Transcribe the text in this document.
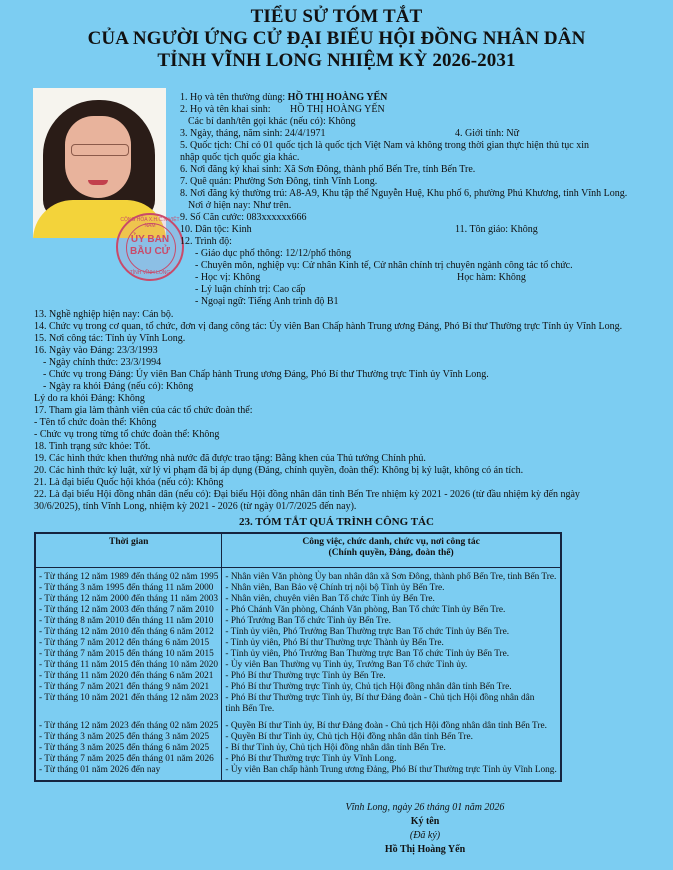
TIỂU SỬ TÓM TẮT
CỦA NGƯỜI ỨNG CỬ ĐẠI BIỂU HỘI ĐỒNG NHÂN DÂN
TỈNH VĨNH LONG NHIỆM KỲ 2026-2031
CỘNG HÒA X.H.C.N VIỆT NAM
ỦY BAN
BẦU CỬ
TỈNH VĨNH LONG
1. Họ và tên thường dùng: HỒ THỊ HOÀNG YẾN
2. Họ và tên khai sinh: HỒ THỊ HOÀNG YẾN
Các bí danh/tên gọi khác (nếu có): Không
3. Ngày, tháng, năm sinh: 24/4/1971	4. Giới tính: Nữ
5. Quốc tịch: Chỉ có 01 quốc tịch là quốc tịch Việt Nam và không trong thời gian thực hiện thủ tục xin
nhập quốc tịch quốc gia khác.
6. Nơi đăng ký khai sinh: Xã Sơn Đông, thành phố Bến Tre, tỉnh Bến Tre.
7. Quê quán: Phường Sơn Đông, tỉnh Vĩnh Long.
8. Nơi đăng ký thường trú: A8-A9, Khu tập thể Nguyễn Huệ, Khu phố 6, phường Phú Khương, tỉnh Vĩnh Long.
Nơi ở hiện nay: Như trên.
9. Số Căn cước: 083xxxxxx666
10. Dân tộc: Kinh	11. Tôn giáo: Không
12. Trình độ:
- Giáo dục phổ thông: 12/12/phổ thông
- Chuyên môn, nghiệp vụ: Cử nhân Kinh tế, Cử nhân chính trị chuyên ngành công tác tổ chức.
- Học vị: Không	Học hàm: Không
- Lý luận chính trị: Cao cấp
- Ngoại ngữ: Tiếng Anh trình độ B1
13. Nghề nghiệp hiện nay: Cán bộ.
14. Chức vụ trong cơ quan, tổ chức, đơn vị đang công tác: Ủy viên Ban Chấp hành Trung ương Đảng, Phó Bí thư Thường trực Tỉnh ủy Vĩnh Long.
15. Nơi công tác: Tỉnh ủy Vĩnh Long.
16. Ngày vào Đảng: 23/3/1993
- Ngày chính thức: 23/3/1994
- Chức vụ trong Đảng: Ủy viên Ban Chấp hành Trung ương Đảng, Phó Bí thư Thường trực Tỉnh ủy Vĩnh Long.
- Ngày ra khỏi Đảng (nếu có): Không
Lý do ra khỏi Đảng: Không
17. Tham gia làm thành viên của các tổ chức đoàn thể:
- Tên tổ chức đoàn thể: Không
- Chức vụ trong từng tổ chức đoàn thể: Không
18. Tình trạng sức khỏe: Tốt.
19. Các hình thức khen thưởng nhà nước đã được trao tặng: Bằng khen của Thủ tướng Chính phủ.
20. Các hình thức kỷ luật, xử lý vi phạm đã bị áp dụng (Đảng, chính quyền, đoàn thể): Không bị kỷ luật, không có án tích.
21. Là đại biểu Quốc hội khóa (nếu có): Không
22. Là đại biểu Hội đồng nhân dân (nếu có): Đại biểu Hội đồng nhân dân tỉnh Bến Tre nhiệm kỳ 2021 - 2026 (từ đầu nhiệm kỳ đến ngày
30/6/2025), tỉnh Vĩnh Long, nhiệm kỳ 2021 - 2026 (từ ngày 01/7/2025 đến nay).
23. TÓM TẮT QUÁ TRÌNH CÔNG TÁC
Thời gian	Công việc, chức danh, chức vụ, nơi công tác
(Chính quyền, Đảng, đoàn thể)
- Từ tháng 12 năm 1989 đến tháng 02 năm 1995	- Nhân viên Văn phòng Ủy ban nhân dân xã Sơn Đông, thành phố Bến Tre, tỉnh Bến Tre.
- Từ tháng 3 năm 1995 đến tháng 11 năm 2000	- Nhân viên, Ban Bảo vệ Chính trị nội bộ Tỉnh ủy Bến Tre.
- Từ tháng 12 năm 2000 đến tháng 11 năm 2003	- Nhân viên, chuyên viên Ban Tổ chức Tỉnh ủy Bến Tre.
- Từ tháng 12 năm 2003 đến tháng 7 năm 2010	- Phó Chánh Văn phòng, Chánh Văn phòng, Ban Tổ chức Tỉnh ủy Bến Tre.
- Từ tháng 8 năm 2010 đến tháng 11 năm 2010	- Phó Trưởng Ban Tổ chức Tỉnh ủy Bến Tre.
- Từ tháng 12 năm 2010 đến tháng 6 năm 2012	- Tỉnh ủy viên, Phó Trưởng Ban Thường trực Ban Tổ chức Tỉnh ủy Bến Tre.
- Từ tháng 7 năm 2012 đến tháng 6 năm 2015	- Tỉnh ủy viên, Phó Bí thư Thường trực Thành ủy Bến Tre.
- Từ tháng 7 năm 2015 đến tháng 10 năm 2015	- Tỉnh ủy viên, Phó Trưởng Ban Thường trực Ban Tổ chức Tỉnh ủy Bến Tre.
- Từ tháng 11 năm 2015 đến tháng 10 năm 2020	- Ủy viên Ban Thường vụ Tỉnh ủy, Trưởng Ban Tổ chức Tỉnh ủy.
- Từ tháng 11 năm 2020 đến tháng 6 năm 2021	- Phó Bí thư Thường trực Tỉnh ủy Bến Tre.
- Từ tháng 7 năm 2021 đến tháng 9 năm 2021	- Phó Bí thư Thường trực Tỉnh ủy, Chủ tịch Hội đồng nhân dân tỉnh Bến Tre.
- Từ tháng 10 năm 2021 đến tháng 12 năm 2023	- Phó Bí thư Thường trực Tỉnh ủy, Bí thư Đảng đoàn - Chủ tịch Hội đồng nhân dân
	tỉnh Bến Tre.

- Từ tháng 12 năm 2023 đến tháng 02 năm 2025	- Quyền Bí thư Tỉnh ủy, Bí thư Đảng đoàn - Chủ tịch Hội đồng nhân dân tỉnh Bến Tre.
- Từ tháng 3 năm 2025 đến tháng 3 năm 2025	- Quyền Bí thư Tỉnh ủy, Chủ tịch Hội đồng nhân dân tỉnh Bến Tre.
- Từ tháng 3 năm 2025 đến tháng 6 năm 2025	- Bí thư Tỉnh ủy, Chủ tịch Hội đồng nhân dân tỉnh Bến Tre.
- Từ tháng 7 năm 2025 đến tháng 01 năm 2026	- Phó Bí thư Thường trực Tỉnh ủy Vĩnh Long.
- Từ tháng 01 năm 2026 đến nay	- Ủy viên Ban chấp hành Trung ương Đảng, Phó Bí thư Thường trực Tỉnh ủy Vĩnh Long.
Vĩnh Long, ngày 26 tháng 01 năm 2026
Ký tên
(Đã ký)
Hồ Thị Hoàng Yến
